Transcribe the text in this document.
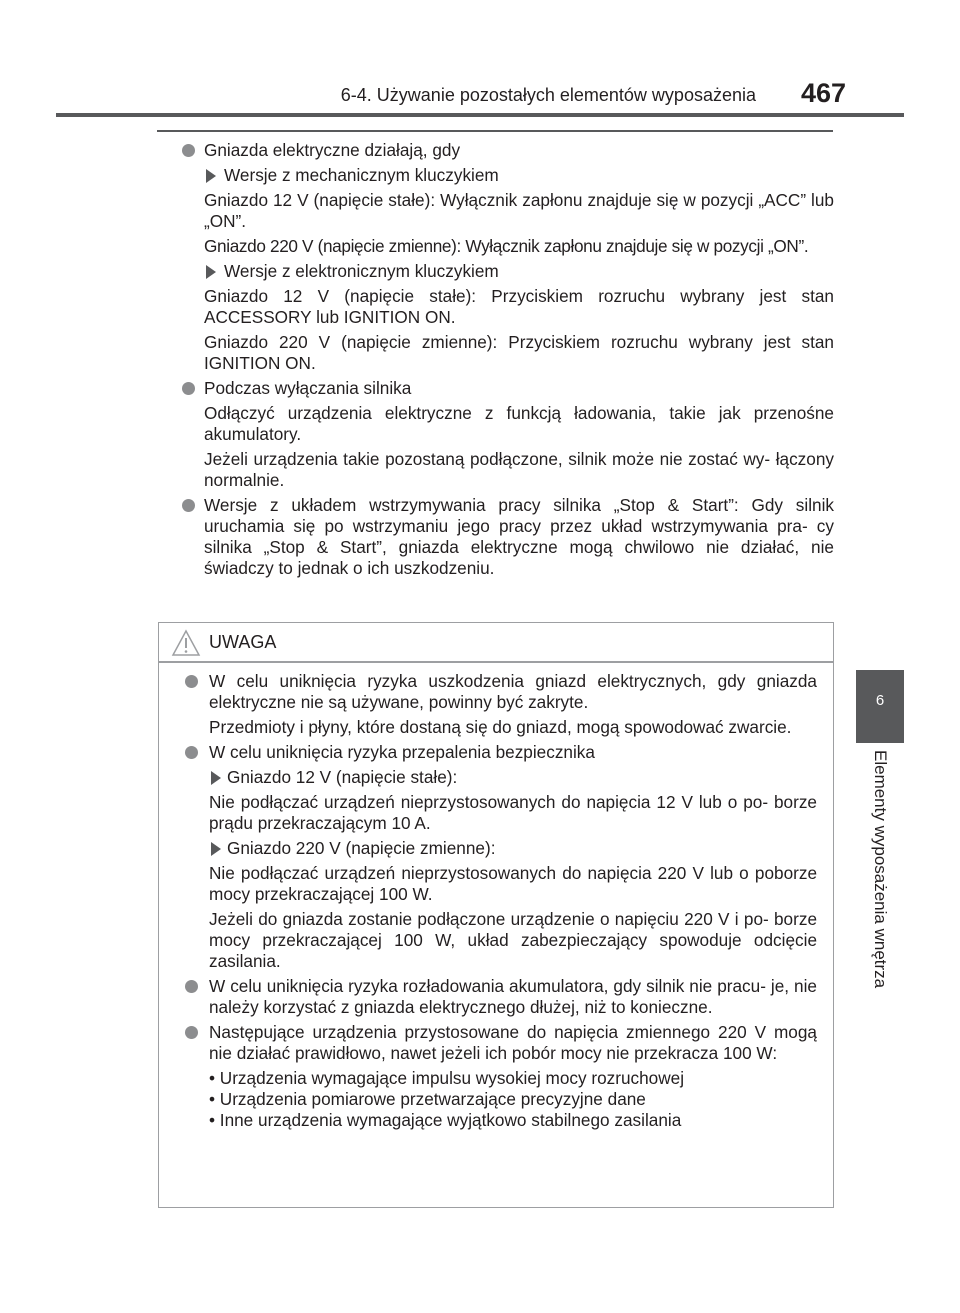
6-4. Używanie pozostałych elementów wyposażenia 467
6
Elementy wyposażenia wnętrza
Gniazda elektryczne działają, gdy
Wersje z mechanicznym kluczykiem
Gniazdo 12 V (napięcie stałe): Wyłącznik zapłonu znajduje się w pozycji „ACC” lub „ON”.
Gniazdo 220 V (napięcie zmienne): Wyłącznik zapłonu znajduje się w pozycji „ON”.
Wersje z elektronicznym kluczykiem
Gniazdo 12 V (napięcie stałe): Przyciskiem rozruchu wybrany jest stan ACCESSORY lub IGNITION ON.
Gniazdo 220 V (napięcie zmienne): Przyciskiem rozruchu wybrany jest stan IGNITION ON.
Podczas wyłączania silnika
Odłączyć urządzenia elektryczne z funkcją ładowania, takie jak przenośne akumulatory.
Jeżeli urządzenia takie pozostaną podłączone, silnik może nie zostać wy- łączony normalnie.
Wersje z układem wstrzymywania pracy silnika „Stop & Start”: Gdy silnik uruchamia się po wstrzymaniu jego pracy przez układ wstrzymywania pra- cy silnika „Stop & Start”, gniazda elektryczne mogą chwilowo nie działać, nie świadczy to jednak o ich uszkodzeniu.
UWAGA
W celu uniknięcia ryzyka uszkodzenia gniazd elektrycznych, gdy gniazda elektryczne nie są używane, powinny być zakryte.
Przedmioty i płyny, które dostaną się do gniazd, mogą spowodować zwarcie.
W celu uniknięcia ryzyka przepalenia bezpiecznika
Gniazdo 12 V (napięcie stałe):
Nie podłączać urządzeń nieprzystosowanych do napięcia 12 V lub o po- borze prądu przekraczającym 10 A.
Gniazdo 220 V (napięcie zmienne):
Nie podłączać urządzeń nieprzystosowanych do napięcia 220 V lub o poborze mocy przekraczającej 100 W.
Jeżeli do gniazda zostanie podłączone urządzenie o napięciu 220 V i po- borze mocy przekraczającej 100 W, układ zabezpieczający spowoduje odcięcie zasilania.
W celu uniknięcia ryzyka rozładowania akumulatora, gdy silnik nie pracu- je, nie należy korzystać z gniazda elektrycznego dłużej, niż to konieczne.
Następujące urządzenia przystosowane do napięcia zmiennego 220 V mogą nie działać prawidłowo, nawet jeżeli ich pobór mocy nie przekracza 100 W:
• Urządzenia wymagające impulsu wysokiej mocy rozruchowej
• Urządzenia pomiarowe przetwarzające precyzyjne dane
• Inne urządzenia wymagające wyjątkowo stabilnego zasilania
